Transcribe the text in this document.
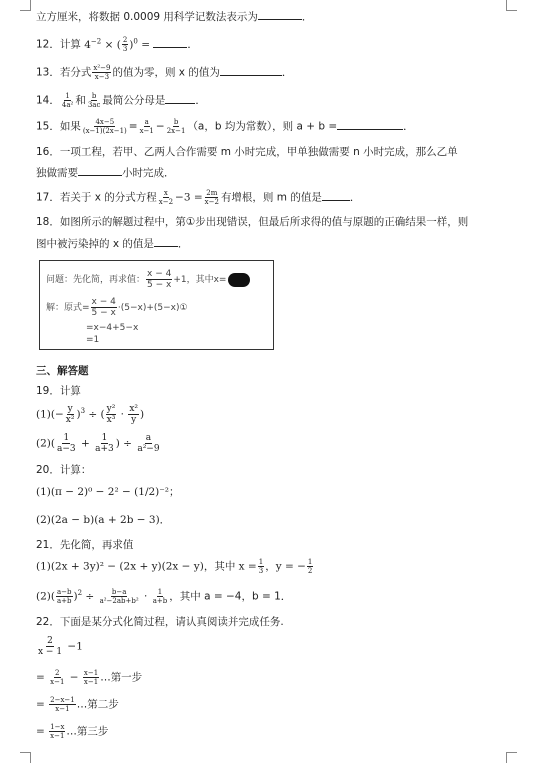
立方厘米，将数据 0.0009 用科学记数法表示为	．
12．计算 $4^{-2}$ × ( $\frac{2}{3} )^0$ =	．
13．若分式 $\frac{\text{x²−9}}{x-3}$ 的值为零，则 x 的值为	．
14． $\frac{1}{\text{4a²}}$ 和 $\frac{b}{3ac}$ 最简公分母是	．
15．如果 $\frac{4x-5}{(x-1)(2x-1)} = \frac{a}{x-1} - \frac{b}{2x-1} (a$，b 均为常数），则 a + b =	．
16．一项工程，若甲、乙两人合作需要 m 小时完成，甲单独做需要 n 小时完成，那么乙单
独做需要	小时完成．
17．若关于 x 的分式方程 $\frac{x}{x-2} -3 = \frac{2m}{x-2}$ 有增根，则 m 的值是	．
18．如图所示的解题过程中，第①步出现错误，但最后所求得的值与原题的正确结果一样，则
图中被污染掉的 x 的值是 ．
问题：先化简，再求值： $\frac{x - 4}{5 - x} +1$，其中x=
解：原式= $\frac{x - 4}{5 - x}$ ·(5−x)+(5−x)①
=x−4+5−x
=1
三、解答题
19．计算
$(1)(- \frac{y}{\text{x²}} )^3$ ÷ ( $\frac{\text{y²}}{\text{x³}} \cdot \frac{\text{x²}}{y}$ )
$(2)( \frac{1}{a-3} + \frac{1}{a+3}$ ) ÷ $\frac{a}{\text{a²−9}}$
20．计算：
(1)(π − 2)⁰ − 2² − (1/2)⁻²；
(2)(2a − b)(a + 2b − 3)．
21．先化简，再求值
(1)(2x + 3y)² − (2x + y)(2x − y)，其中 $x = \frac{1}{3}$ ，y = − $\frac{1}{2}$
$(2)( \frac{a-b}{a+b} )^2 \div \frac{b-a}{\text{a²−2ab+b²}} \cdot \frac{1}{a+b}$ ，其中 a = −4，b = 1．
22．下面是某分式化简过程，请认真阅读并完成任务.
$\frac{2}{x - 1} -1$
= $\frac{2}{x-1} - \frac{x-1}{x-1}$ …第一步
= $\frac{2-x-1}{x-1}$ …第二步
= $\frac{1-x}{x-1}$ …第三步
